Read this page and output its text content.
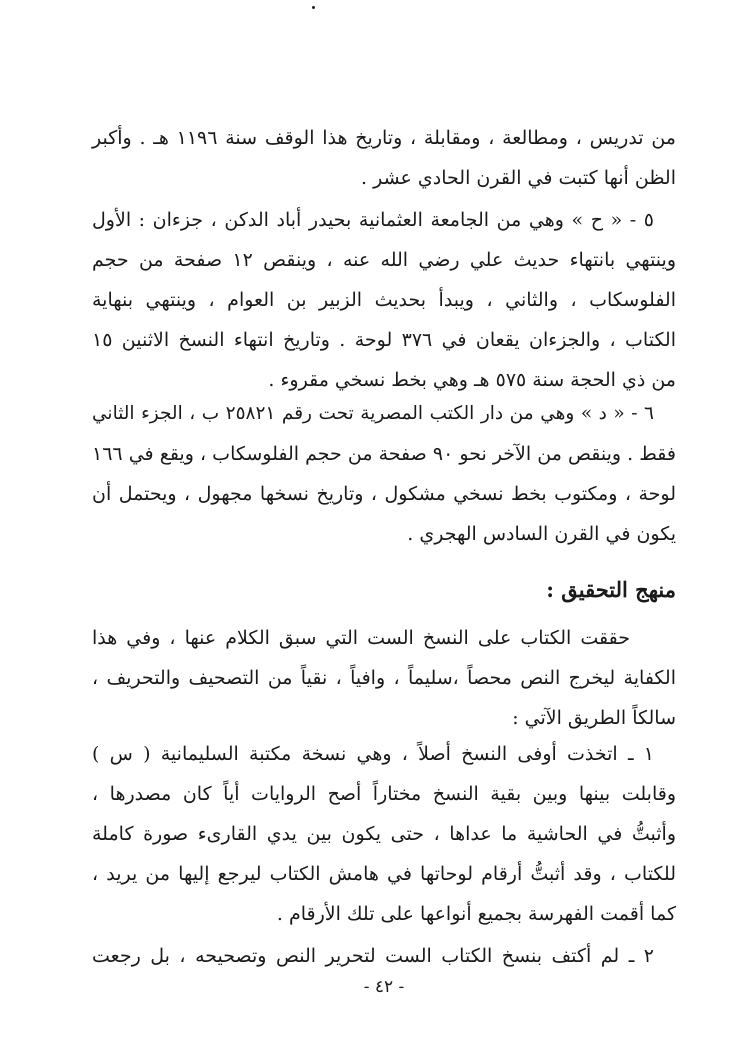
من تدريس ، ومطالعة ، ومقابلة ، وتاريخ هذا الوقف سنة ١١٩٦ هـ . وأكبر
الظن أنها كتبت في القرن الحادي عشر .
٥ - « ح » وهي من الجامعة العثمانية بحيدر أباد الدكن ، جزءان : الأول
وينتهي بانتهاء حديث علي رضي الله عنه ، وينقص ١٢ صفحة من حجم
الفلوسكاب ، والثاني ، ويبدأ بحديث الزبير بن العوام ، وينتهي بنهاية
الكتاب ، والجزءان يقعان في ٣٧٦ لوحة . وتاريخ انتهاء النسخ الاثنين ١٥
من ذي الحجة سنة ٥٧٥ هـ وهي بخط نسخي مقروء .
٦ - « د » وهي من دار الكتب المصرية تحت رقم ٢٥٨٢١ ب ، الجزء الثاني
فقط . وينقص من الآخر نحو ٩٠ صفحة من حجم الفلوسكاب ، ويقع في ١٦٦
لوحة ، ومكتوب بخط نسخي مشكول ، وتاريخ نسخها مجهول ، ويحتمل أن
يكون في القرن السادس الهجري .
منهج التحقيق :
حققت الكتاب على النسخ الست التي سبق الكلام عنها ، وفي هذا
الكفاية ليخرج النص محصاً ،سليماً ، وافياً ، نقياً من التصحيف والتحريف ،
سالكاً الطريق الآتي :
١ ـ اتخذت أوفى النسخ أصلاً ، وهي نسخة مكتبة السليمانية ( س )
وقابلت بينها وبين بقية النسخ مختاراً أصح الروايات أياً كان مصدرها ،
وأثبتُّ في الحاشية ما عداها ، حتى يكون بين يدي القارىء صورة كاملة
للكتاب ، وقد أثبتُّ أرقام لوحاتها في هامش الكتاب ليرجع إليها من يريد ،
كما أقمت الفهرسة بجميع أنواعها على تلك الأرقام .
٢ ـ لم أكتف بنسخ الكتاب الست لتحرير النص وتصحيحه ، بل رجعت
- ٤٢ -
